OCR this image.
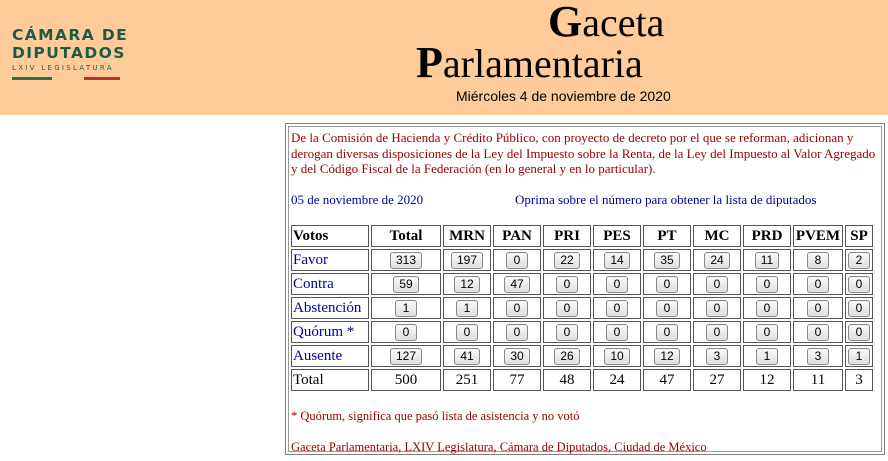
CÁMARA DE
DIPUTADOS
LXIV LEGISLATURA
Gaceta
Parlamentaria
Miércoles 4 de noviembre de 2020
De la Comisión de Hacienda y Crédito Público, con proyecto de decreto por el que se reforman, adicionan y derogan diversas disposiciones de la Ley del Impuesto sobre la Renta, de la Ley del Impuesto al Valor Agregado y del Código Fiscal de la Federación (en lo general y en lo particular).
05 de noviembre de 2020	Oprima sobre el número para obtener la lista de diputados
Votos	Total	MRN	PAN	PRI	PES	PT	MC	PRD	PVEM	SP
Favor	313	197	0	22	14	35	24	11	8	2
Contra	59	12	47	0	0	0	0	0	0	0
Abstención	1	1	0	0	0	0	0	0	0	0
Quórum *	0	0	0	0	0	0	0	0	0	0
Ausente	127	41	30	26	10	12	3	1	3	1
Total	500	251	77	48	24	47	27	12	11	3
* Quórum, significa que pasó lista de asistencia y no votó
Gaceta Parlamentaria, LXIV Legislatura, Cámara de Diputados, Ciudad de México
